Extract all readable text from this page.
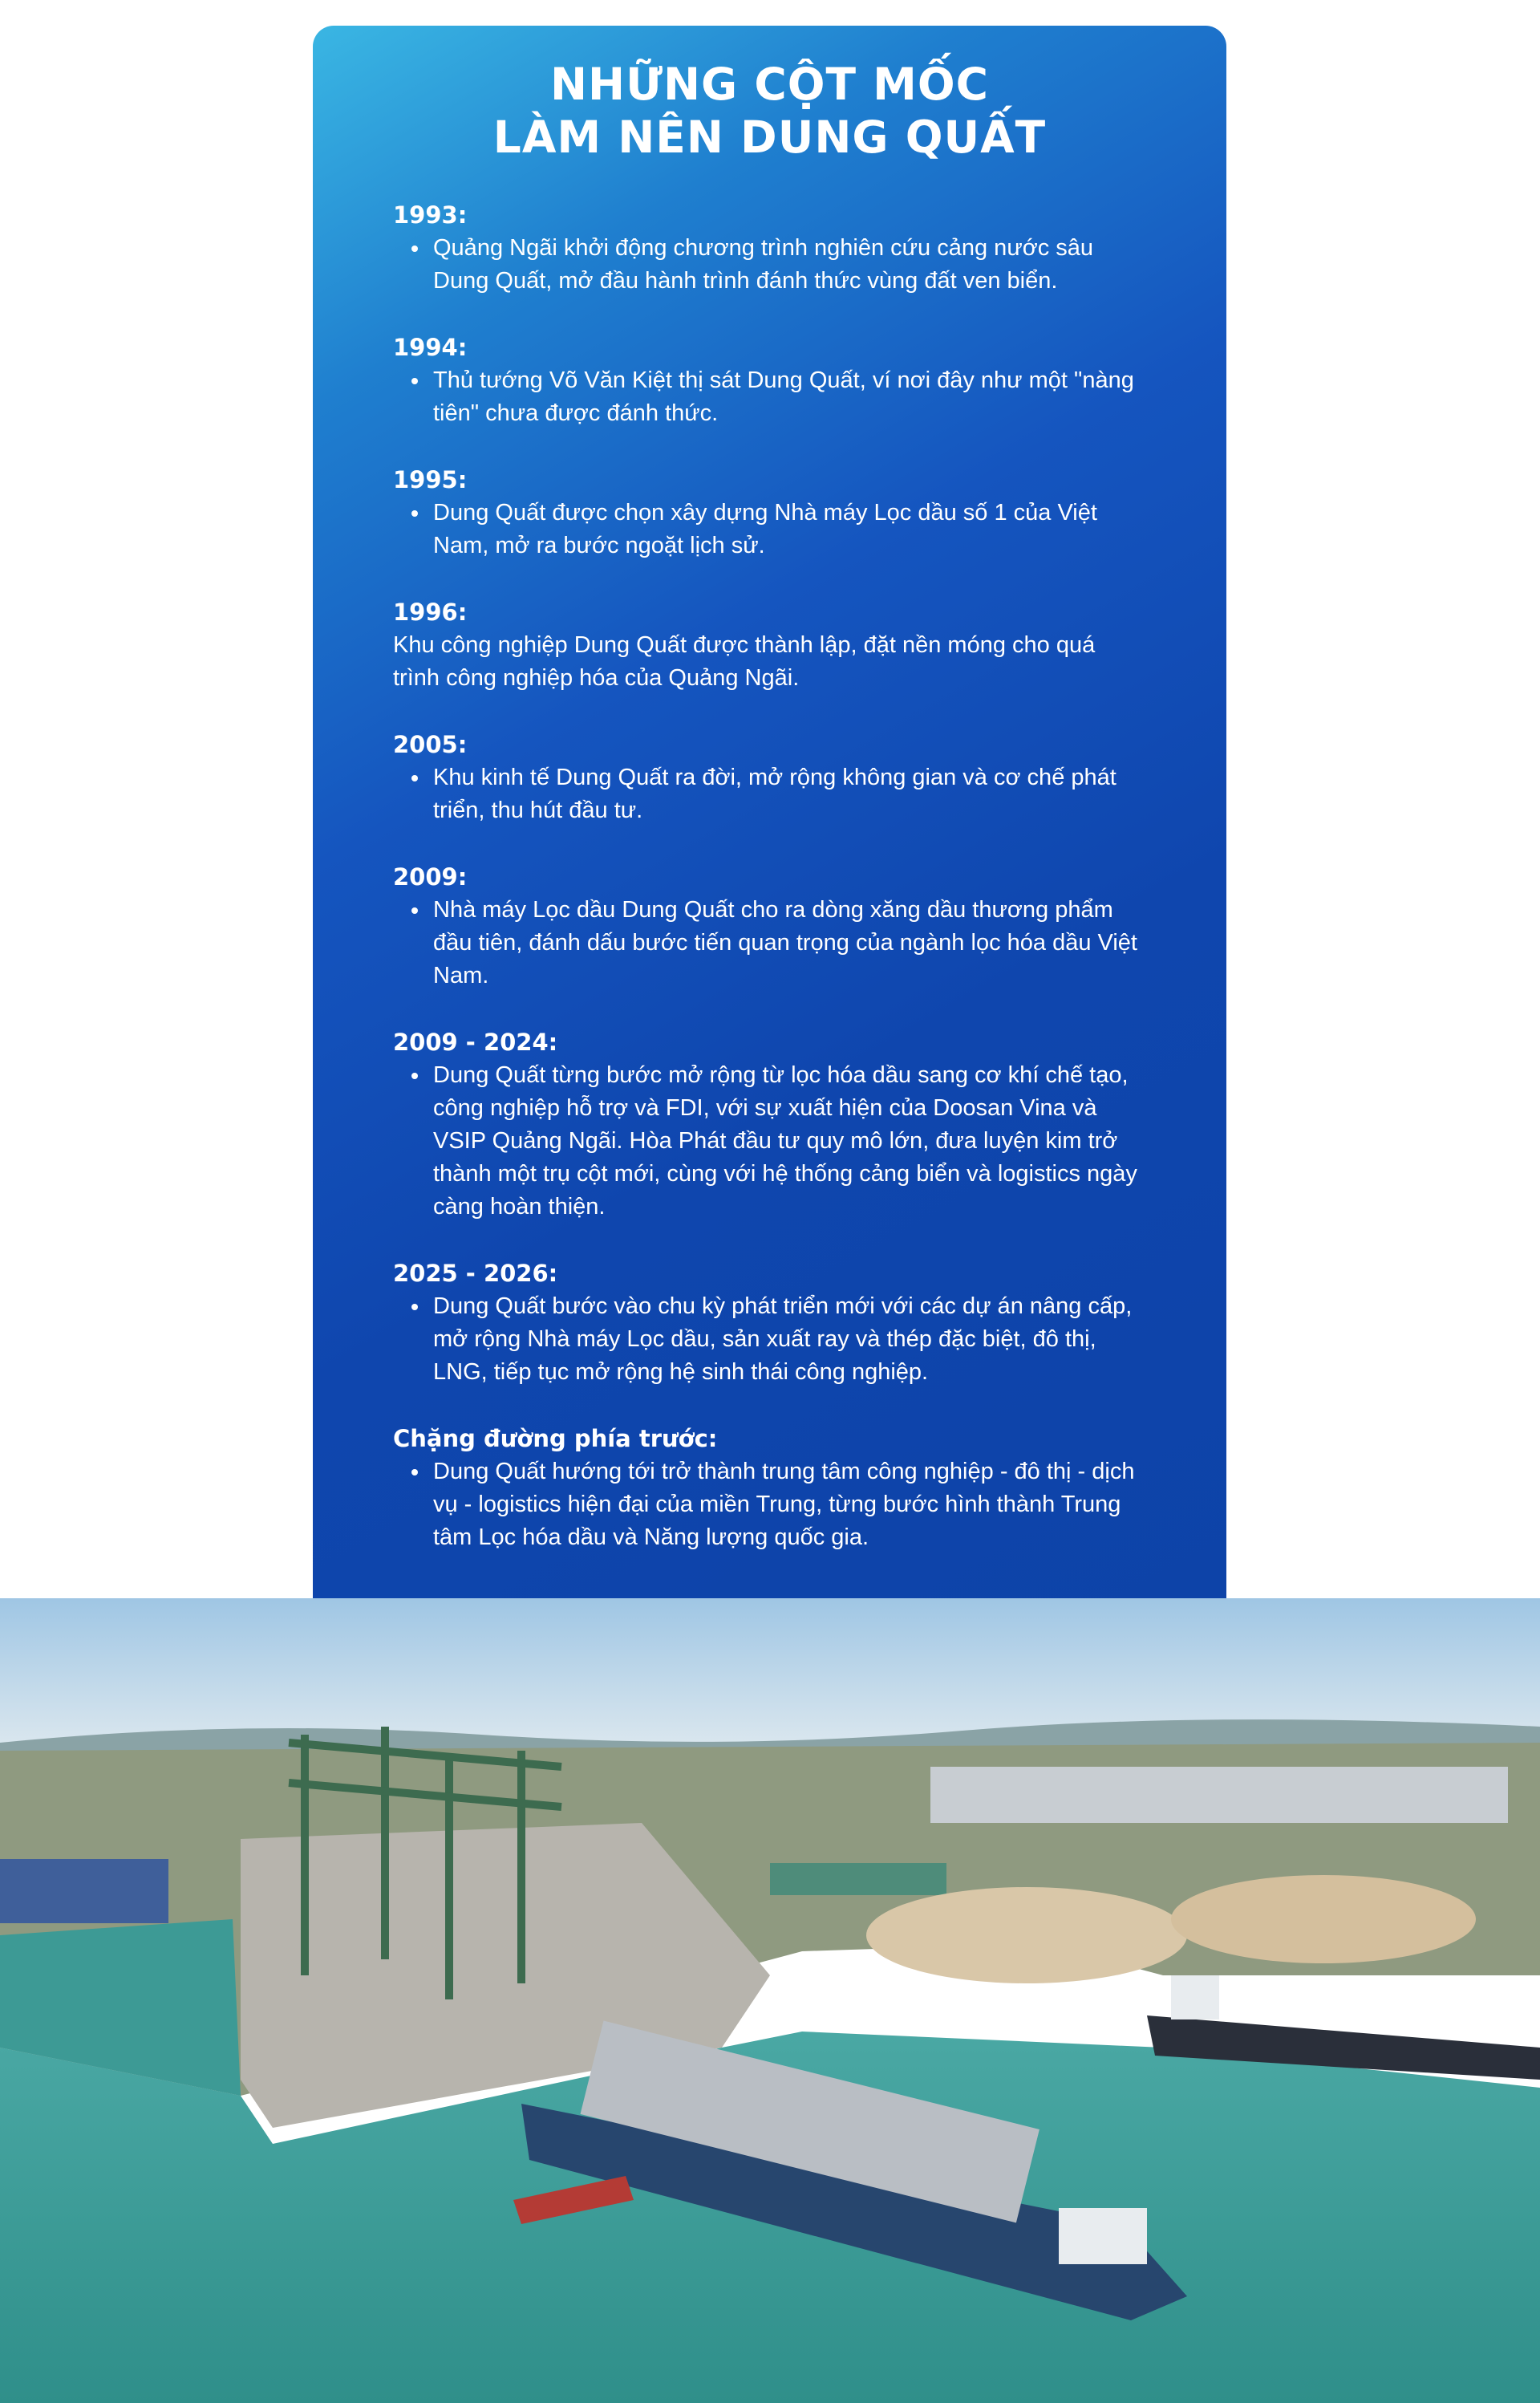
NHỮNG CỘT MỐC
LÀM NÊN DUNG QUẤT
1993:
Quảng Ngãi khởi động chương trình nghiên cứu cảng nước sâu Dung Quất, mở đầu hành trình đánh thức vùng đất ven biển.
1994:
Thủ tướng Võ Văn Kiệt thị sát Dung Quất, ví nơi đây như một "nàng tiên" chưa được đánh thức.
1995:
Dung Quất được chọn xây dựng Nhà máy Lọc dầu số 1 của Việt Nam, mở ra bước ngoặt lịch sử.
1996:

Khu công nghiệp Dung Quất được thành lập, đặt nền móng cho quá trình công nghiệp hóa của Quảng Ngãi.

2005:
Khu kinh tế Dung Quất ra đời, mở rộng không gian và cơ chế phát triển, thu hút đầu tư.
2009:
Nhà máy Lọc dầu Dung Quất cho ra dòng xăng dầu thương phẩm đầu tiên, đánh dấu bước tiến quan trọng của ngành lọc hóa dầu Việt Nam.
2009 - 2024:
Dung Quất từng bước mở rộng từ lọc hóa dầu sang cơ khí chế tạo, công nghiệp hỗ trợ và FDI, với sự xuất hiện của Doosan Vina và VSIP Quảng Ngãi. Hòa Phát đầu tư quy mô lớn, đưa luyện kim trở thành một trụ cột mới, cùng với hệ thống cảng biển và logistics ngày càng hoàn thiện.
2025 - 2026:
Dung Quất bước vào chu kỳ phát triển mới với các dự án nâng cấp, mở rộng Nhà máy Lọc dầu, sản xuất ray và thép đặc biệt, đô thị, LNG, tiếp tục mở rộng hệ sinh thái công nghiệp.
Chặng đường phía trước:
Dung Quất hướng tới trở thành trung tâm công nghiệp - đô thị - dịch vụ - logistics hiện đại của miền Trung, từng bước hình thành Trung tâm Lọc hóa dầu và Năng lượng quốc gia.
